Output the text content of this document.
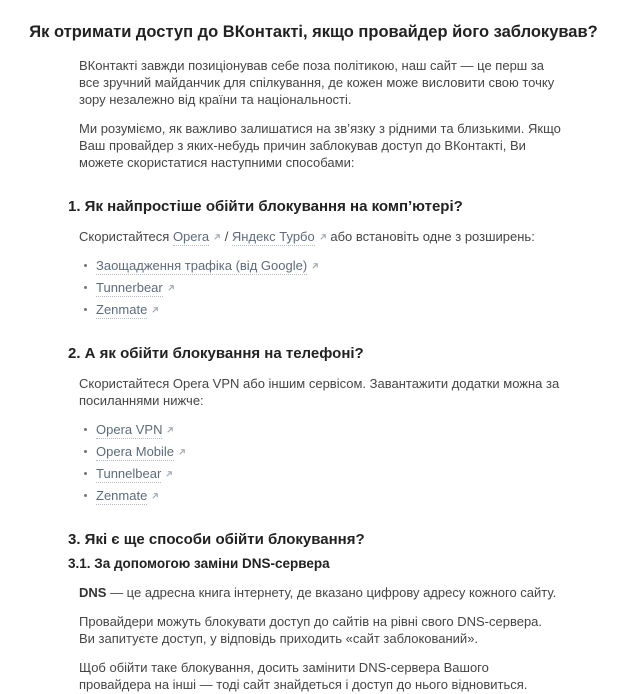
Як отримати доступ до ВКонтакті, якщо провайдер його заблокував?

ВКонтакті завжди позиціонував себе поза політикою, наш сайт — це перш за все зручний майданчик для спілкування, де кожен може висловити свою точку зору незалежно від країни та національності.

Ми розуміємо, як важливо залишатися на зв’язку з рідними та близькими. Якщо Ваш провайдер з яких-небудь причин заблокував доступ до ВКонтакті, Ви можете скористатися наступними способами:

1. Як найпростіше обійти блокування на комп’ютері?

Скористайтеся Opera / Яндекс Турбо або встановіть одне з розширень:

Заощадження трафіка (від Google)
Tunnerbear
Zenmate
2. А як обійти блокування на телефоні?

Скористайтеся Opera VPN або іншим сервісом. Завантажити додатки можна за посиланнями нижче:

Opera VPN
Opera Mobile
Tunnelbear
Zenmate
3. Які є ще способи обійти блокування?
3.1. За допомогою заміни DNS-сервера

DNS — це адресна книга інтернету, де вказано цифрову адресу кожного сайту.

Провайдери можуть блокувати доступ до сайтів на рівні свого DNS-сервера. Ви запитуєте доступ, у відповідь приходить «сайт заблокований».

Щоб обійти таке блокування, досить замінити DNS-сервера Вашого провайдера на інші — тоді сайт знайдеться і доступ до нього відновиться.
